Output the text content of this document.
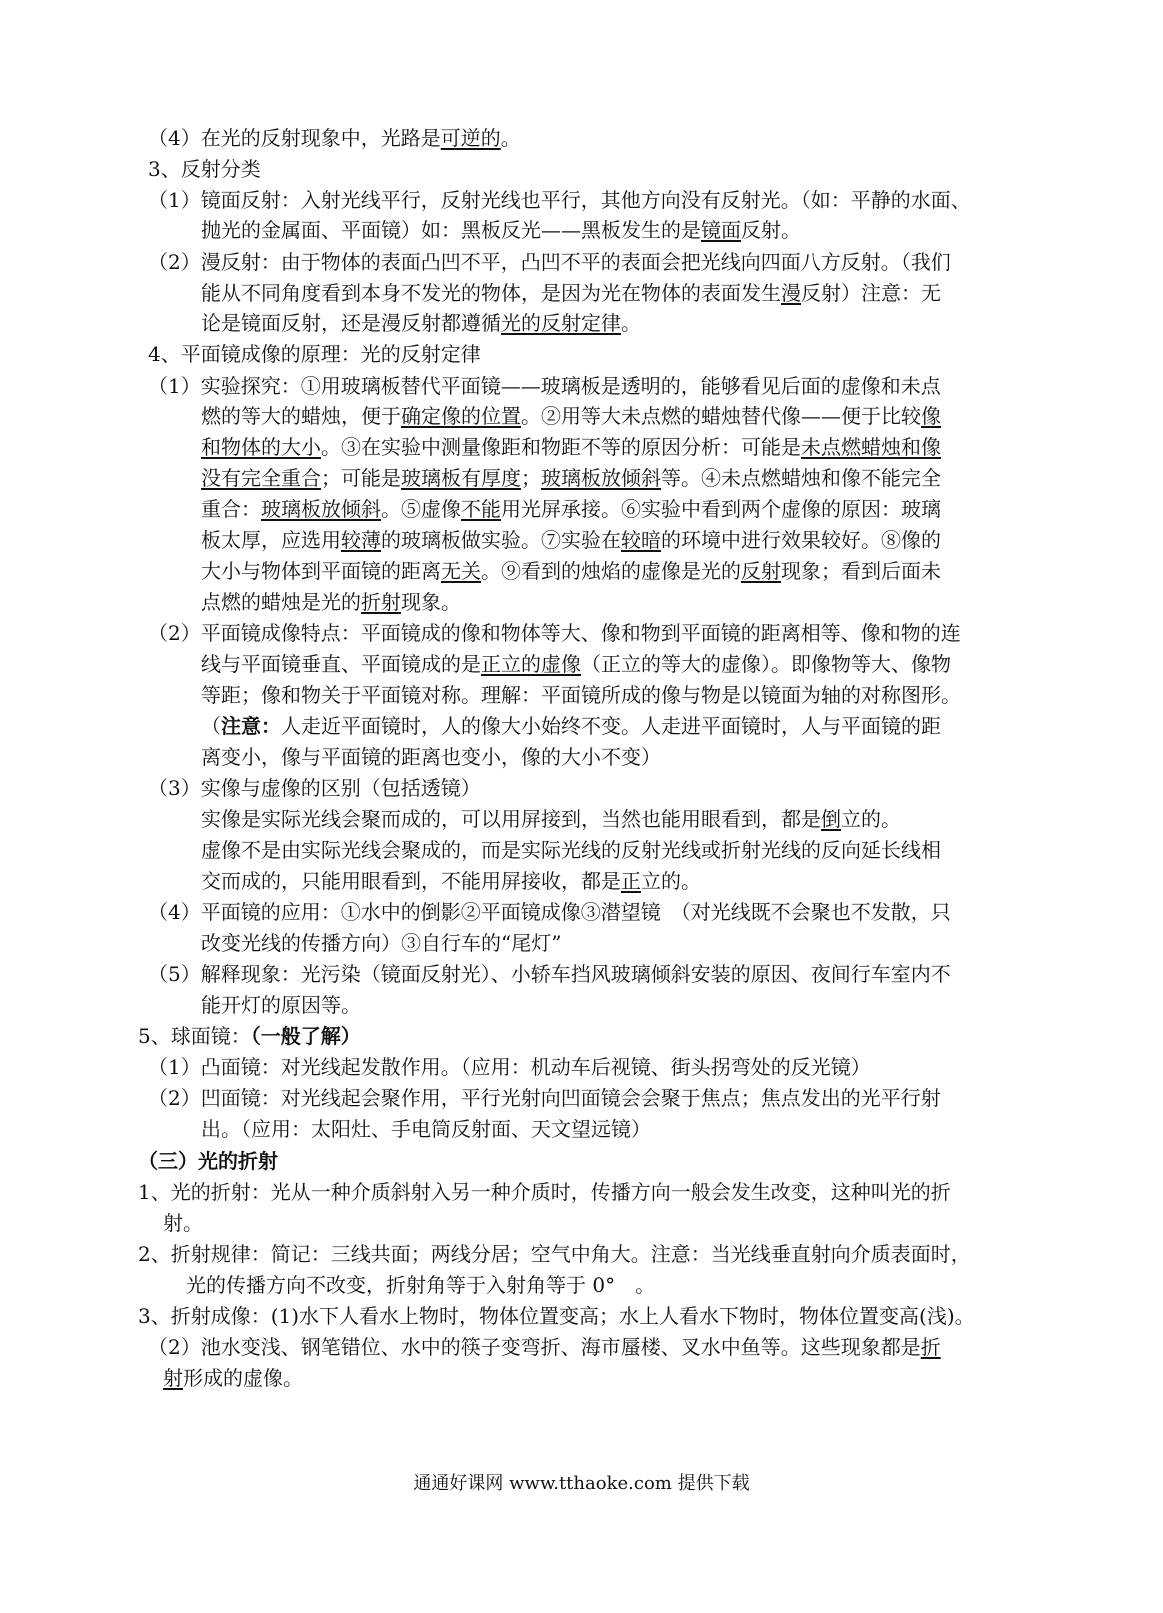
（4）在光的反射现象中，光路是可逆的。
3、反射分类
（1）镜面反射：入射光线平行，反射光线也平行，其他方向没有反射光。（如：平静的水面、
抛光的金属面、平面镜）如：黑板反光——黑板发生的是镜面反射。
（2）漫反射：由于物体的表面凸凹不平，凸凹不平的表面会把光线向四面八方反射。（我们
能从不同角度看到本身不发光的物体，是因为光在物体的表面发生漫反射）注意：无
论是镜面反射，还是漫反射都遵循光的反射定律。
4、平面镜成像的原理：光的反射定律
（1）实验探究：①用玻璃板替代平面镜——玻璃板是透明的，能够看见后面的虚像和未点
燃的等大的蜡烛，便于确定像的位置。②用等大未点燃的蜡烛替代像——便于比较像
和物体的大小。③在实验中测量像距和物距不等的原因分析：可能是未点燃蜡烛和像
没有完全重合；可能是玻璃板有厚度；玻璃板放倾斜等。④未点燃蜡烛和像不能完全
重合：玻璃板放倾斜。⑤虚像不能用光屏承接。⑥实验中看到两个虚像的原因：玻璃
板太厚，应选用较薄的玻璃板做实验。⑦实验在较暗的环境中进行效果较好。⑧像的
大小与物体到平面镜的距离无关。⑨看到的烛焰的虚像是光的反射现象；看到后面未
点燃的蜡烛是光的折射现象。
（2）平面镜成像特点：平面镜成的像和物体等大、像和物到平面镜的距离相等、像和物的连
线与平面镜垂直、平面镜成的是正立的虚像（正立的等大的虚像）。即像物等大、像物
等距；像和物关于平面镜对称。理解：平面镜所成的像与物是以镜面为轴的对称图形。
（注意：人走近平面镜时，人的像大小始终不变。人走进平面镜时，人与平面镜的距
离变小，像与平面镜的距离也变小，像的大小不变）
（3）实像与虚像的区别（包括透镜）
实像是实际光线会聚而成的，可以用屏接到，当然也能用眼看到，都是倒立的。
虚像不是由实际光线会聚成的，而是实际光线的反射光线或折射光线的反向延长线相
交而成的，只能用眼看到，不能用屏接收，都是正立的。
（4）平面镜的应用：①水中的倒影②平面镜成像③潜望镜　（对光线既不会聚也不发散，只
改变光线的传播方向）③自行车的“尾灯”
（5）解释现象：光污染（镜面反射光）、小轿车挡风玻璃倾斜安装的原因、夜间行车室内不
能开灯的原因等。
5、球面镜：（一般了解）
（1）凸面镜：对光线起发散作用。（应用：机动车后视镜、街头拐弯处的反光镜）
（2）凹面镜：对光线起会聚作用，平行光射向凹面镜会会聚于焦点；焦点发出的光平行射
出。（应用：太阳灶、手电筒反射面、天文望远镜）
（三）光的折射
1、光的折射：光从一种介质斜射入另一种介质时，传播方向一般会发生改变，这种叫光的折
射。
2、折射规律：简记：三线共面；两线分居；空气中角大。注意：当光线垂直射向介质表面时，
光的传播方向不改变，折射角等于入射角等于 0°　。
3、折射成像：(1)水下人看水上物时，物体位置变高；水上人看水下物时，物体位置变高(浅)。
（2）池水变浅、钢笔错位、水中的筷子变弯折、海市蜃楼、叉水中鱼等。这些现象都是折
射形成的虚像。
通通好课网 www.tthaoke.com 提供下载
